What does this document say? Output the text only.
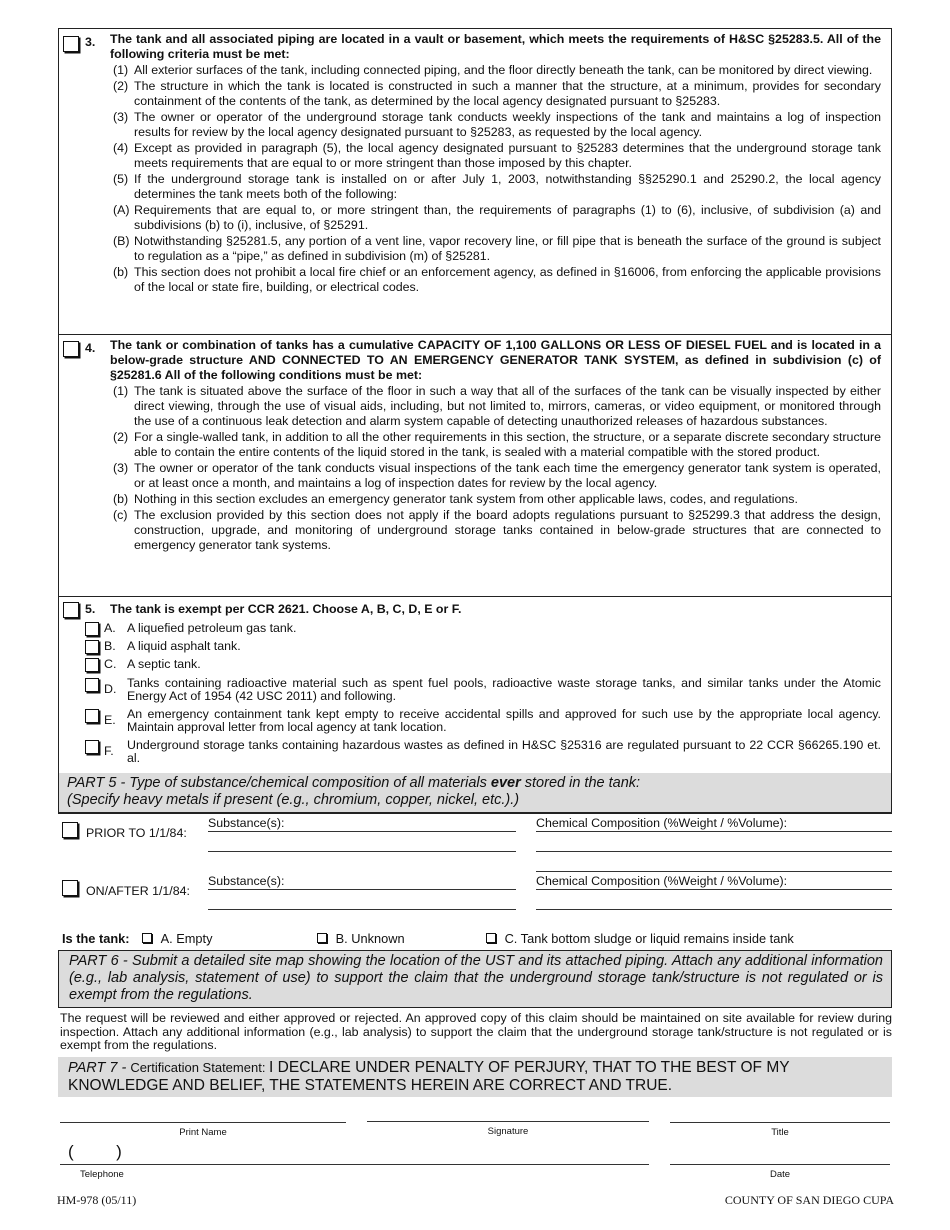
3.	The tank and all associated piping are located in a vault or basement, which meets the requirements of H&SC §25283.5. All of the following criteria must be met:
(1) All exterior surfaces of the tank, including connected piping, and the floor directly beneath the tank, can be monitored by direct viewing.
(2) The structure in which the tank is located is constructed in such a manner that the structure, at a minimum, provides for secondary containment of the contents of the tank, as determined by the local agency designated pursuant to §25283.
(3) The owner or operator of the underground storage tank conducts weekly inspections of the tank and maintains a log of inspection results for review by the local agency designated pursuant to §25283, as requested by the local agency.
(4) Except as provided in paragraph (5), the local agency designated pursuant to §25283 determines that the underground storage tank meets requirements that are equal to or more stringent than those imposed by this chapter.
(5) If the underground storage tank is installed on or after July 1, 2003, notwithstanding §§25290.1 and 25290.2, the local agency determines the tank meets both of the following:
(A) Requirements that are equal to, or more stringent than, the requirements of paragraphs (1) to (6), inclusive, of subdivision (a) and subdivisions (b) to (i), inclusive, of §25291.
(B) Notwithstanding §25281.5, any portion of a vent line, vapor recovery line, or fill pipe that is beneath the surface of the ground is subject to regulation as a “pipe,” as defined in subdivision (m) of §25281.
(b) This section does not prohibit a local fire chief or an enforcement agency, as defined in §16006, from enforcing the applicable provisions of the local or state fire, building, or electrical codes.
4.	The tank or combination of tanks has a cumulative CAPACITY OF 1,100 GALLONS OR LESS OF DIESEL FUEL and is located in a below-grade structure AND CONNECTED TO AN EMERGENCY GENERATOR TANK SYSTEM, as defined in subdivision (c) of §25281.6 All of the following conditions must be met:
(1) The tank is situated above the surface of the floor in such a way that all of the surfaces of the tank can be visually inspected by either direct viewing, through the use of visual aids, including, but not limited to, mirrors, cameras, or video equipment, or monitored through the use of a continuous leak detection and alarm system capable of detecting unauthorized releases of hazardous substances.
(2) For a single-walled tank, in addition to all the other requirements in this section, the structure, or a separate discrete secondary structure able to contain the entire contents of the liquid stored in the tank, is sealed with a material compatible with the stored product.
(3) The owner or operator of the tank conducts visual inspections of the tank each time the emergency generator tank system is operated, or at least once a month, and maintains a log of inspection dates for review by the local agency.
(b) Nothing in this section excludes an emergency generator tank system from other applicable laws, codes, and regulations.
(c) The exclusion provided by this section does not apply if the board adopts regulations pursuant to §25299.3 that address the design, construction, upgrade, and monitoring of underground storage tanks contained in below-grade structures that are connected to emergency generator tank systems.
5.	The tank is exempt per CCR 2621. Choose A, B, C, D, E or F.
A. A liquefied petroleum gas tank.
B. A liquid asphalt tank.
C. A septic tank.
D. Tanks containing radioactive material such as spent fuel pools, radioactive waste storage tanks, and similar tanks under the Atomic Energy Act of 1954 (42 USC 2011) and following.
E. An emergency containment tank kept empty to receive accidental spills and approved for such use by the appropriate local agency. Maintain approval letter from local agency at tank location.
F.	Underground storage tanks containing hazardous wastes as defined in H&SC §25316 are regulated pursuant to 22 CCR §66265.190 et. al.
PART 5 - Type of substance/chemical composition of all materials ever stored in the tank:
(Specify heavy metals if present (e.g., chromium, copper, nickel, etc.).)
PRIOR TO 1/1/84:
Substance(s):	Chemical Composition (%Weight / %Volume):
ON/AFTER 1/1/84:
Substance(s):	Chemical Composition (%Weight / %Volume):
Is the tank: A. Empty	B. Unknown	C. Tank bottom sludge or liquid remains inside tank
PART 6 - Submit a detailed site map showing the location of the UST and its attached piping. Attach any additional information (e.g., lab analysis, statement of use) to support the claim that the underground storage tank/structure is not regulated or is exempt from the regulations.
The request will be reviewed and either approved or rejected. An approved copy of this claim should be maintained on site available for review during inspection. Attach any additional information (e.g., lab analysis) to support the claim that the underground storage tank/structure is not regulated or is exempt from the regulations.
PART 7 - Certification Statement: I DECLARE UNDER PENALTY OF PERJURY, THAT TO THE BEST OF MY KNOWLEDGE AND BELIEF, THE STATEMENTS HEREIN ARE CORRECT AND TRUE.
Print Name	Signature	Title
(         )
Telephone	Date
HM-978 (05/11)	COUNTY OF SAN DIEGO CUPA
